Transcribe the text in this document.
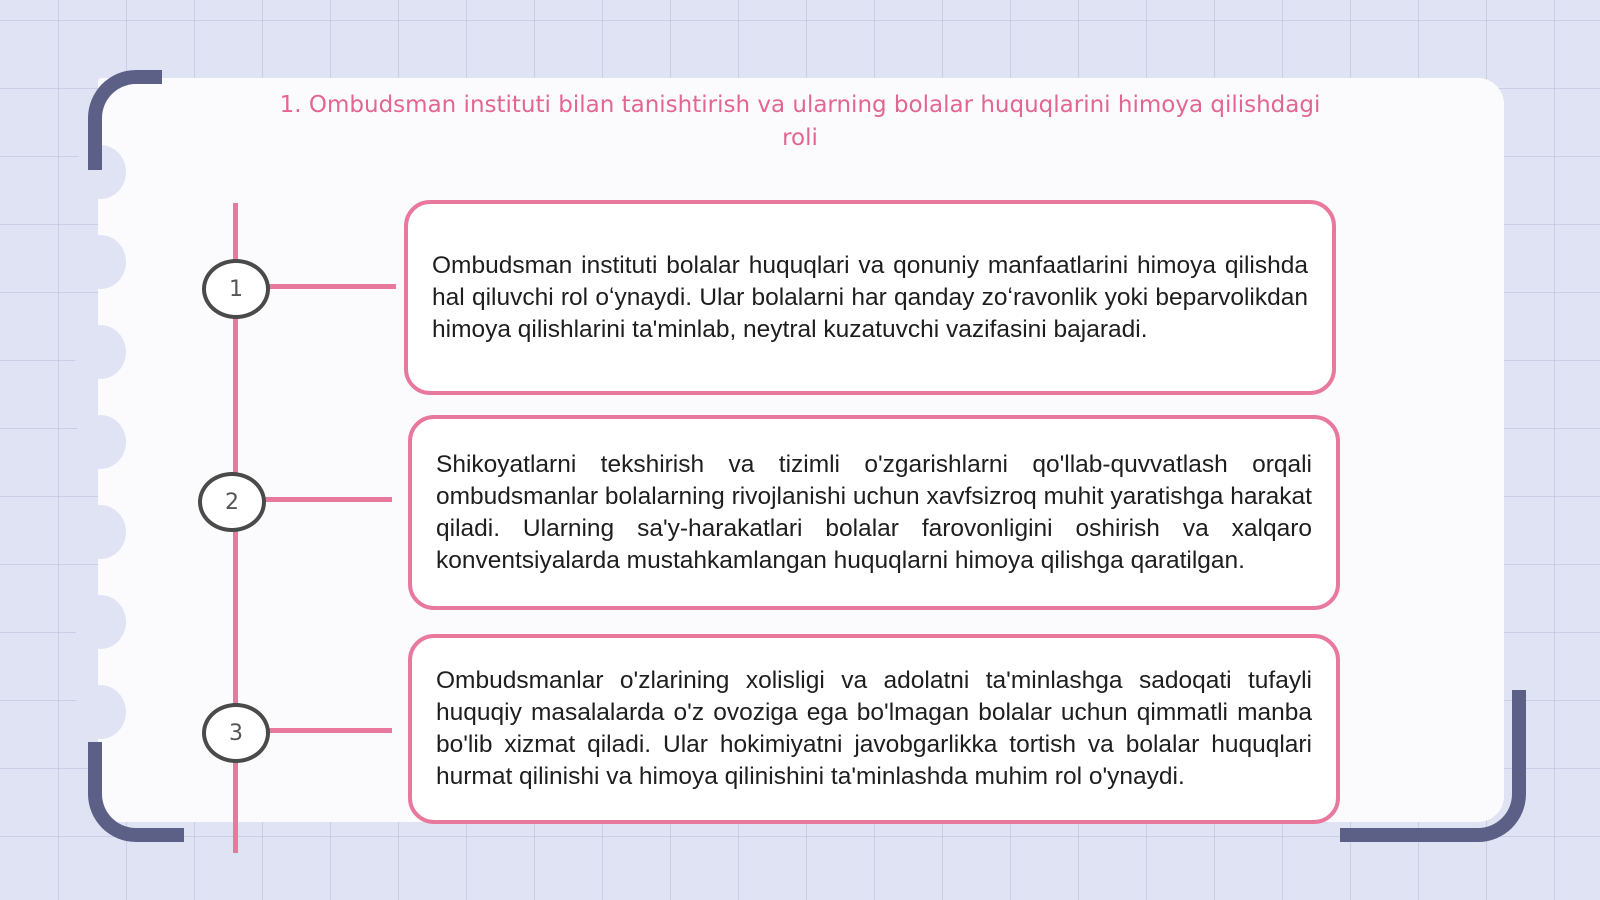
1. Ombudsman instituti bilan tanishtirish va ularning bolalar huquqlarini himoya qilishdagi roli
1
2
3

Ombudsman instituti bolalar huquqlari va qonuniy manfaatlarini himoya qilishda hal qiluvchi rol oʻynaydi. Ular bolalarni har qanday zoʻravonlik yoki beparvolikdan himoya qilishlarini ta'minlab, neytral kuzatuvchi vazifasini bajaradi.

Shikoyatlarni tekshirish va tizimli o'zgarishlarni qo'llab-quvvatlash orqali ombudsmanlar bolalarning rivojlanishi uchun xavfsizroq muhit yaratishga harakat qiladi. Ularning sa'y-harakatlari bolalar farovonligini oshirish va xalqaro konventsiyalarda mustahkamlangan huquqlarni himoya qilishga qaratilgan.

Ombudsmanlar o'zlarining xolisligi va adolatni ta'minlashga sadoqati tufayli huquqiy masalalarda o'z ovoziga ega bo'lmagan bolalar uchun qimmatli manba bo'lib xizmat qiladi. Ular hokimiyatni javobgarlikka tortish va bolalar huquqlari hurmat qilinishi va himoya qilinishini ta'minlashda muhim rol o'ynaydi.
